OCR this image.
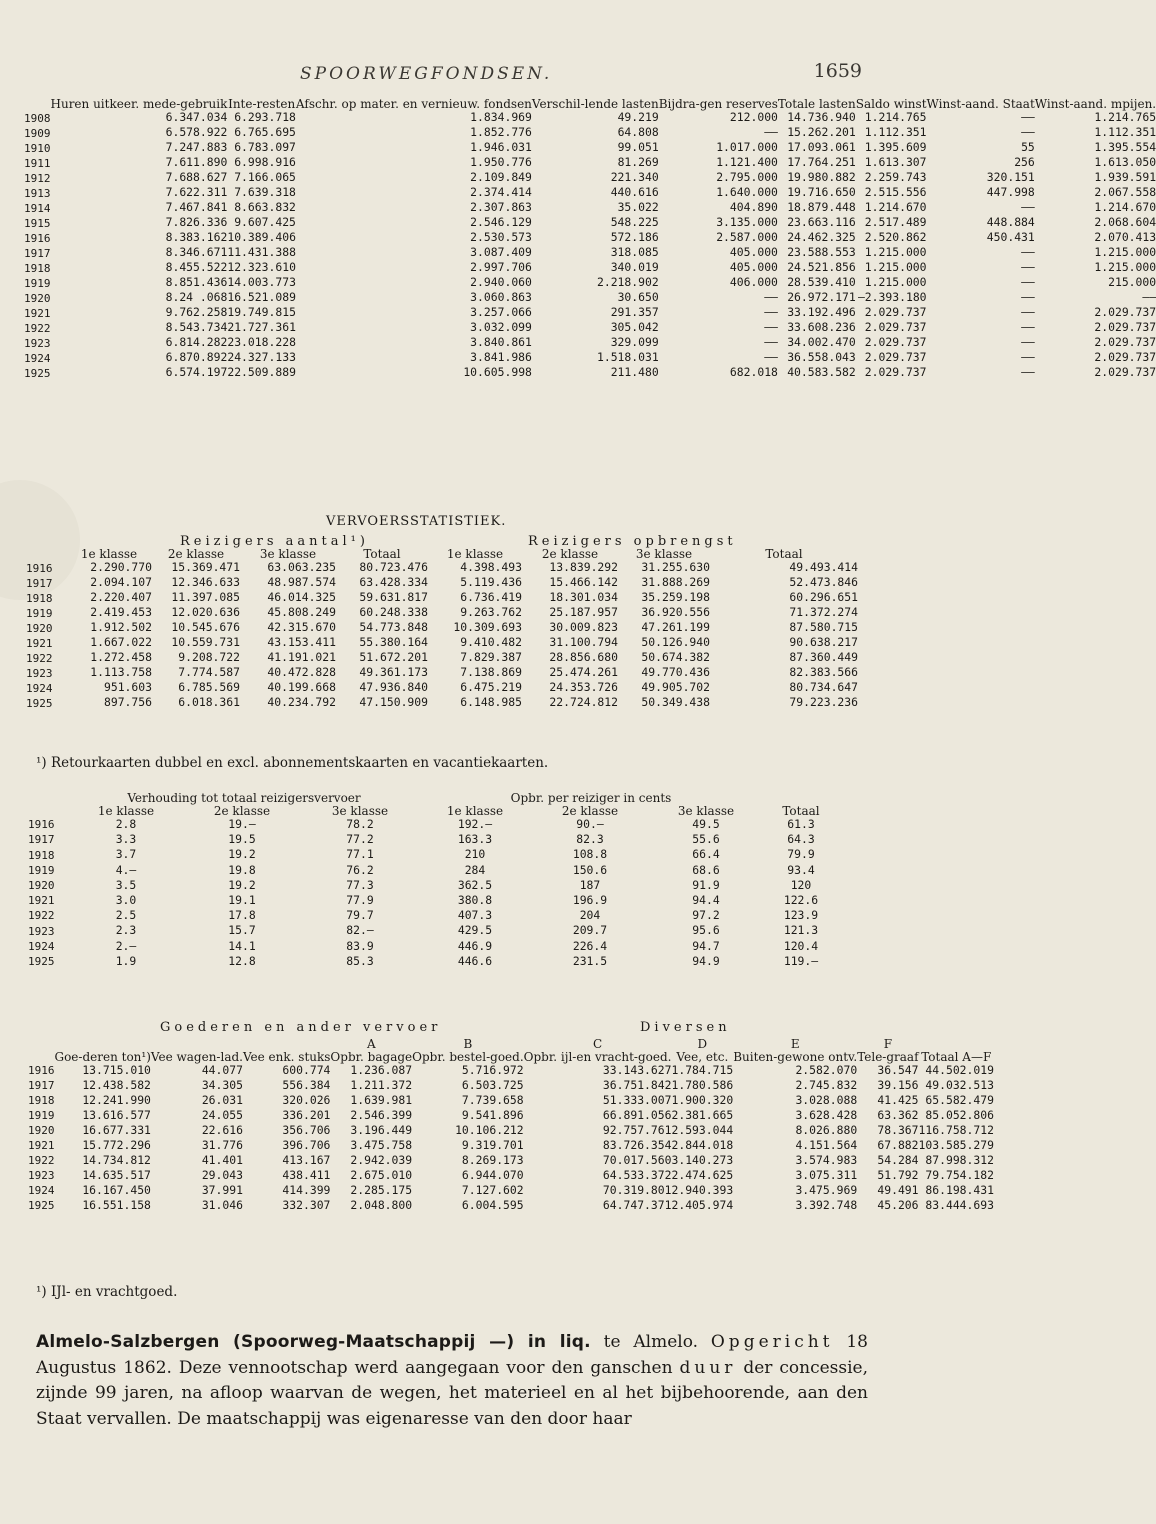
SPOORWEGFONDSEN.	1659
	Huren uitkeer. mede-gebruik	Inte-resten	Afschr. op mater. en vernieuw. fondsen	Verschil-lende lasten	Bijdra-gen reserves	Totale lasten	Saldo winst	Winst-aand. Staat	Winst-aand. mpijen.
1908	6.347.034	6.293.718	1.834.969	49.219	212.000	14.736.940	1.214.765	——	1.214.765
1909	6.578.922	6.765.695	1.852.776	64.808	——	15.262.201	1.112.351	——	1.112.351
1910	7.247.883	6.783.097	1.946.031	99.051	1.017.000	17.093.061	1.395.609	55	1.395.554
1911	7.611.890	6.998.916	1.950.776	81.269	1.121.400	17.764.251	1.613.307	256	1.613.050
1912	7.688.627	7.166.065	2.109.849	221.340	2.795.000	19.980.882	2.259.743	320.151	1.939.591
1913	7.622.311	7.639.318	2.374.414	440.616	1.640.000	19.716.650	2.515.556	447.998	2.067.558
1914	7.467.841	8.663.832	2.307.863	35.022	404.890	18.879.448	1.214.670	——	1.214.670
1915	7.826.336	9.607.425	2.546.129	548.225	3.135.000	23.663.116	2.517.489	448.884	2.068.604
1916	8.383.162	10.389.406	2.530.573	572.186	2.587.000	24.462.325	2.520.862	450.431	2.070.413
1917	8.346.671	11.431.388	3.087.409	318.085	405.000	23.588.553	1.215.000	——	1.215.000
1918	8.455.522	12.323.610	2.997.706	340.019	405.000	24.521.856	1.215.000	——	1.215.000
1919	8.851.436	14.003.773	2.940.060	2.218.902	406.000	28.539.410	1.215.000	——	215.000
1920	8.24 .068	16.521.089	3.060.863	30.650	——	26.972.171	—2.393.180	——	——
1921	9.762.258	19.749.815	3.257.066	291.357	——	33.192.496	2.029.737	——	2.029.737
1922	8.543.734	21.727.361	3.032.099	305.042	——	33.608.236	2.029.737	——	2.029.737
1923	6.814.282	23.018.228	3.840.861	329.099	——	34.002.470	2.029.737	——	2.029.737
1924	6.870.892	24.327.133	3.841.986	1.518.031	——	36.558.043	2.029.737	——	2.029.737
1925	6.574.197	22.509.889	10.605.998	211.480	682.018	40.583.582	2.029.737	——	2.029.737
VERVOERSSTATISTIEK.
Reizigers aantal¹)	Reizigers opbrengst
	1e klasse	2e klasse	3e klasse	Totaal	1e klasse	2e klasse	3e klasse	Totaal
1916	2.290.770	15.369.471	63.063.235	80.723.476	4.398.493	13.839.292	31.255.630	49.493.414
1917	2.094.107	12.346.633	48.987.574	63.428.334	5.119.436	15.466.142	31.888.269	52.473.846
1918	2.220.407	11.397.085	46.014.325	59.631.817	6.736.419	18.301.034	35.259.198	60.296.651
1919	2.419.453	12.020.636	45.808.249	60.248.338	9.263.762	25.187.957	36.920.556	71.372.274
1920	1.912.502	10.545.676	42.315.670	54.773.848	10.309.693	30.009.823	47.261.199	87.580.715
1921	1.667.022	10.559.731	43.153.411	55.380.164	9.410.482	31.100.794	50.126.940	90.638.217
1922	1.272.458	9.208.722	41.191.021	51.672.201	7.829.387	28.856.680	50.674.382	87.360.449
1923	1.113.758	7.774.587	40.472.828	49.361.173	7.138.869	25.474.261	49.770.436	82.383.566
1924	951.603	6.785.569	40.199.668	47.936.840	6.475.219	24.353.726	49.905.702	80.734.647
1925	897.756	6.018.361	40.234.792	47.150.909	6.148.985	22.724.812	50.349.438	79.223.236
¹) Retourkaarten dubbel en excl. abonnementskaarten en vacantiekaarten.
	Verhouding tot totaal reizigersvervoer			Opbr. per reiziger in cents			
	1e klasse	2e klasse	3e klasse	1e klasse	2e klasse	3e klasse	Totaal
1916	2.8	19.—	78.2	192.—	90.—	49.5	61.3
1917	3.3	19.5	77.2	163.3	82.3	55.6	64.3
1918	3.7	19.2	77.1	210	108.8	66.4	79.9
1919	4.—	19.8	76.2	284	150.6	68.6	93.4
1920	3.5	19.2	77.3	362.5	187	91.9	120
1921	3.0	19.1	77.9	380.8	196.9	94.4	122.6
1922	2.5	17.8	79.7	407.3	204	97.2	123.9
1923	2.3	15.7	82.—	429.5	209.7	95.6	121.3
1924	2.—	14.1	83.9	446.9	226.4	94.7	120.4
1925	1.9	12.8	85.3	446.6	231.5	94.9	119.—
Goederen en ander vervoer	Diversen
				A	B	C	D	E	F	
	Goe-deren ton¹)	Vee wagen-lad.	Vee enk. stuks	Opbr. bagage	Opbr. bestel-goed.	Opbr. ijl-en vracht-goed.	Vee, etc.	Buiten-gewone ontv.	Tele-graaf	Totaal A—F
1916	13.715.010	44.077	600.774	1.236.087	5.716.972	33.143.627	1.784.715	2.582.070	36.547	44.502.019
1917	12.438.582	34.305	556.384	1.211.372	6.503.725	36.751.842	1.780.586	2.745.832	39.156	49.032.513
1918	12.241.990	26.031	320.026	1.639.981	7.739.658	51.333.007	1.900.320	3.028.088	41.425	65.582.479
1919	13.616.577	24.055	336.201	2.546.399	9.541.896	66.891.056	2.381.665	3.628.428	63.362	85.052.806
1920	16.677.331	22.616	356.706	3.196.449	10.106.212	92.757.761	2.593.044	8.026.880	78.367	116.758.712
1921	15.772.296	31.776	396.706	3.475.758	9.319.701	83.726.354	2.844.018	4.151.564	67.882	103.585.279
1922	14.734.812	41.401	413.167	2.942.039	8.269.173	70.017.560	3.140.273	3.574.983	54.284	87.998.312
1923	14.635.517	29.043	438.411	2.675.010	6.944.070	64.533.372	2.474.625	3.075.311	51.792	79.754.182
1924	16.167.450	37.991	414.399	2.285.175	7.127.602	70.319.801	2.940.393	3.475.969	49.491	86.198.431
1925	16.551.158	31.046	332.307	2.048.800	6.004.595	64.747.371	2.405.974	3.392.748	45.206	83.444.693
¹) IJl- en vrachtgoed.
Almelo-Salzbergen (Spoorweg-Maatschappij —) in liq. te Almelo. Opgericht 18 Augustus 1862. Deze vennootschap werd aangegaan voor den ganschen duur der concessie, zijnde 99 jaren, na afloop waarvan de wegen, het materieel en al het bijbehoorende, aan den Staat vervallen. De maatschappij was eigenaresse van den door haar
